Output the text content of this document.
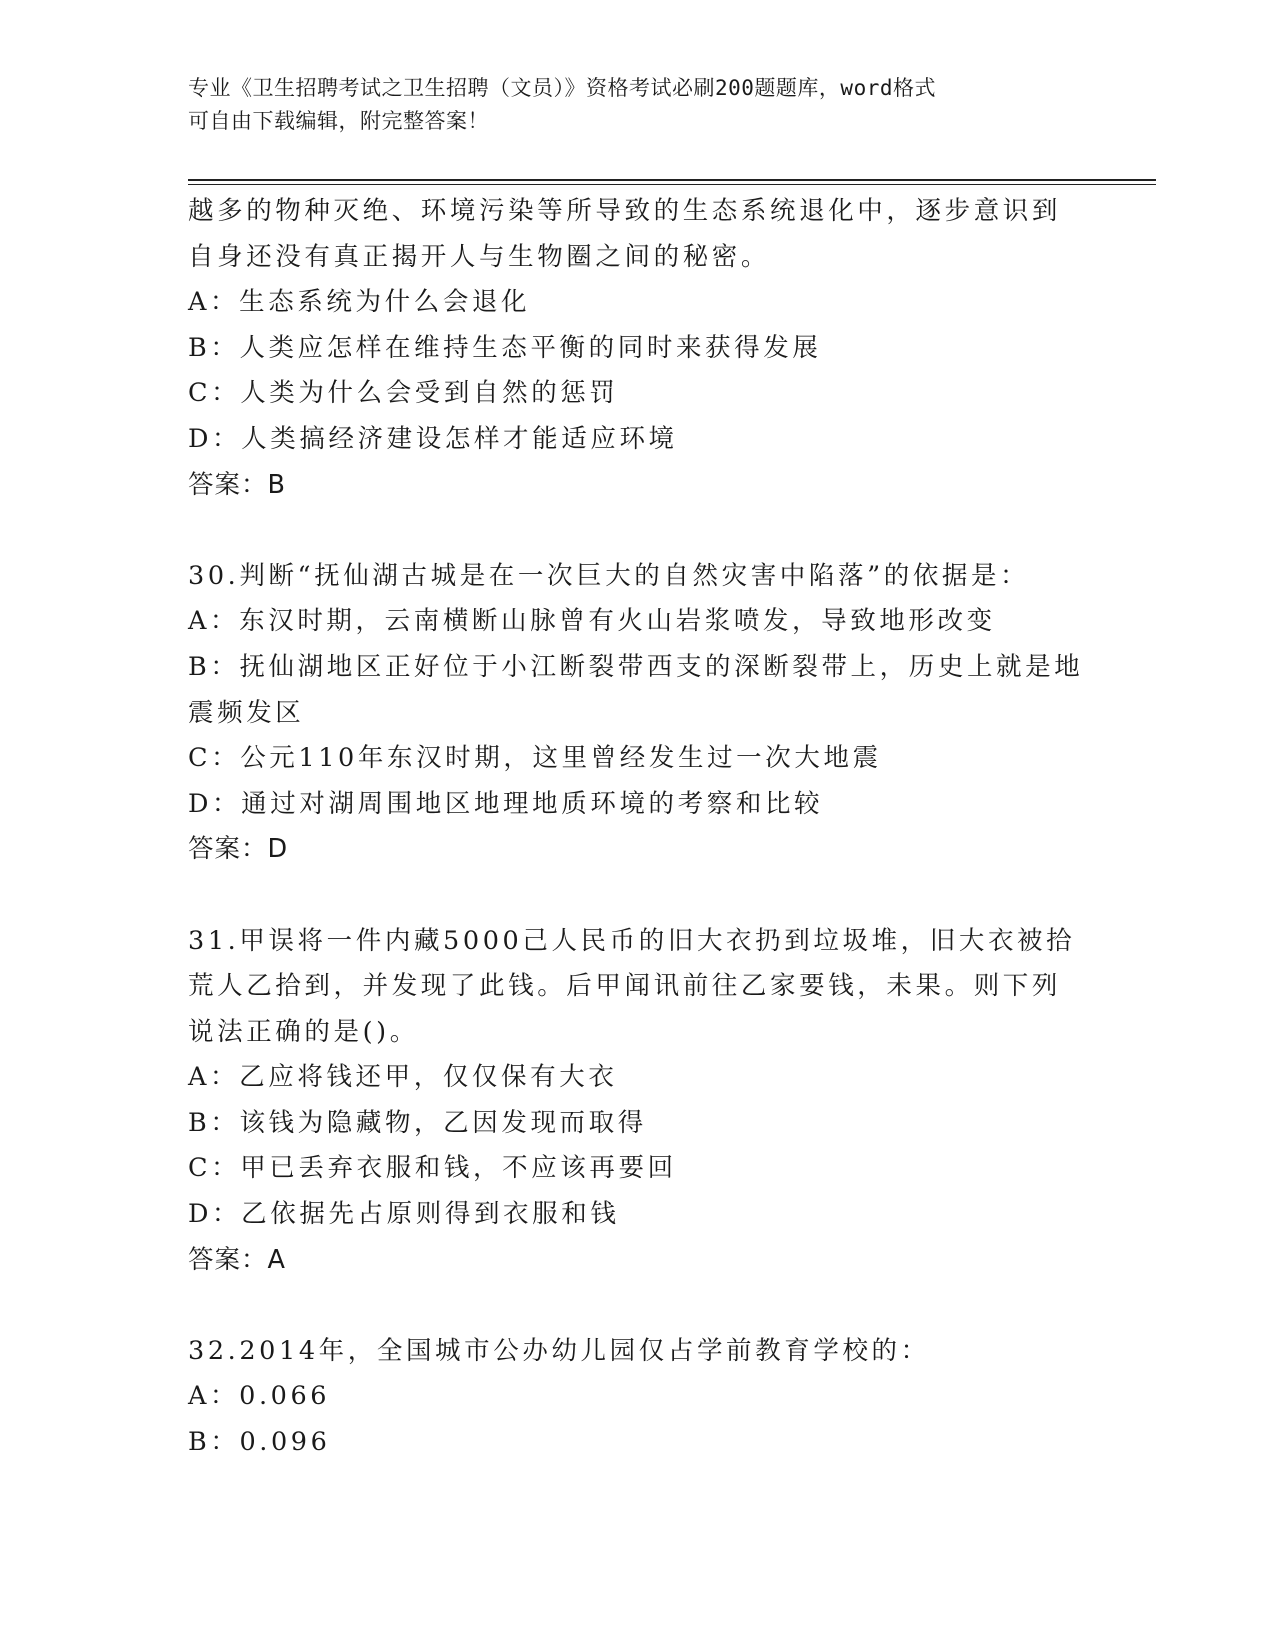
专业《卫生招聘考试之卫生招聘（文员）》资格考试必刷200题题库，word格式
可自由下载编辑，附完整答案！
越多的物种灭绝、环境污染等所导致的生态系统退化中，逐步意识到
自身还没有真正揭开人与生物圈之间的秘密。
A：生态系统为什么会退化
B：人类应怎样在维持生态平衡的同时来获得发展
C：人类为什么会受到自然的惩罚
D：人类搞经济建设怎样才能适应环境
答案：B
30.判断“抚仙湖古城是在一次巨大的自然灾害中陷落”的依据是：
A：东汉时期，云南横断山脉曾有火山岩浆喷发，导致地形改变
B：抚仙湖地区正好位于小江断裂带西支的深断裂带上，历史上就是地
震频发区
C：公元110年东汉时期，这里曾经发生过一次大地震
D：通过对湖周围地区地理地质环境的考察和比较
答案：D
31.甲误将一件内藏5000己人民币的旧大衣扔到垃圾堆，旧大衣被拾
荒人乙拾到，并发现了此钱。后甲闻讯前往乙家要钱，未果。则下列
说法正确的是()。
A：乙应将钱还甲，仅仅保有大衣
B：该钱为隐藏物，乙因发现而取得
C：甲已丢弃衣服和钱，不应该再要回
D：乙依据先占原则得到衣服和钱
答案：A
32.2014年，全国城市公办幼儿园仅占学前教育学校的：
A：0.066
B：0.096
